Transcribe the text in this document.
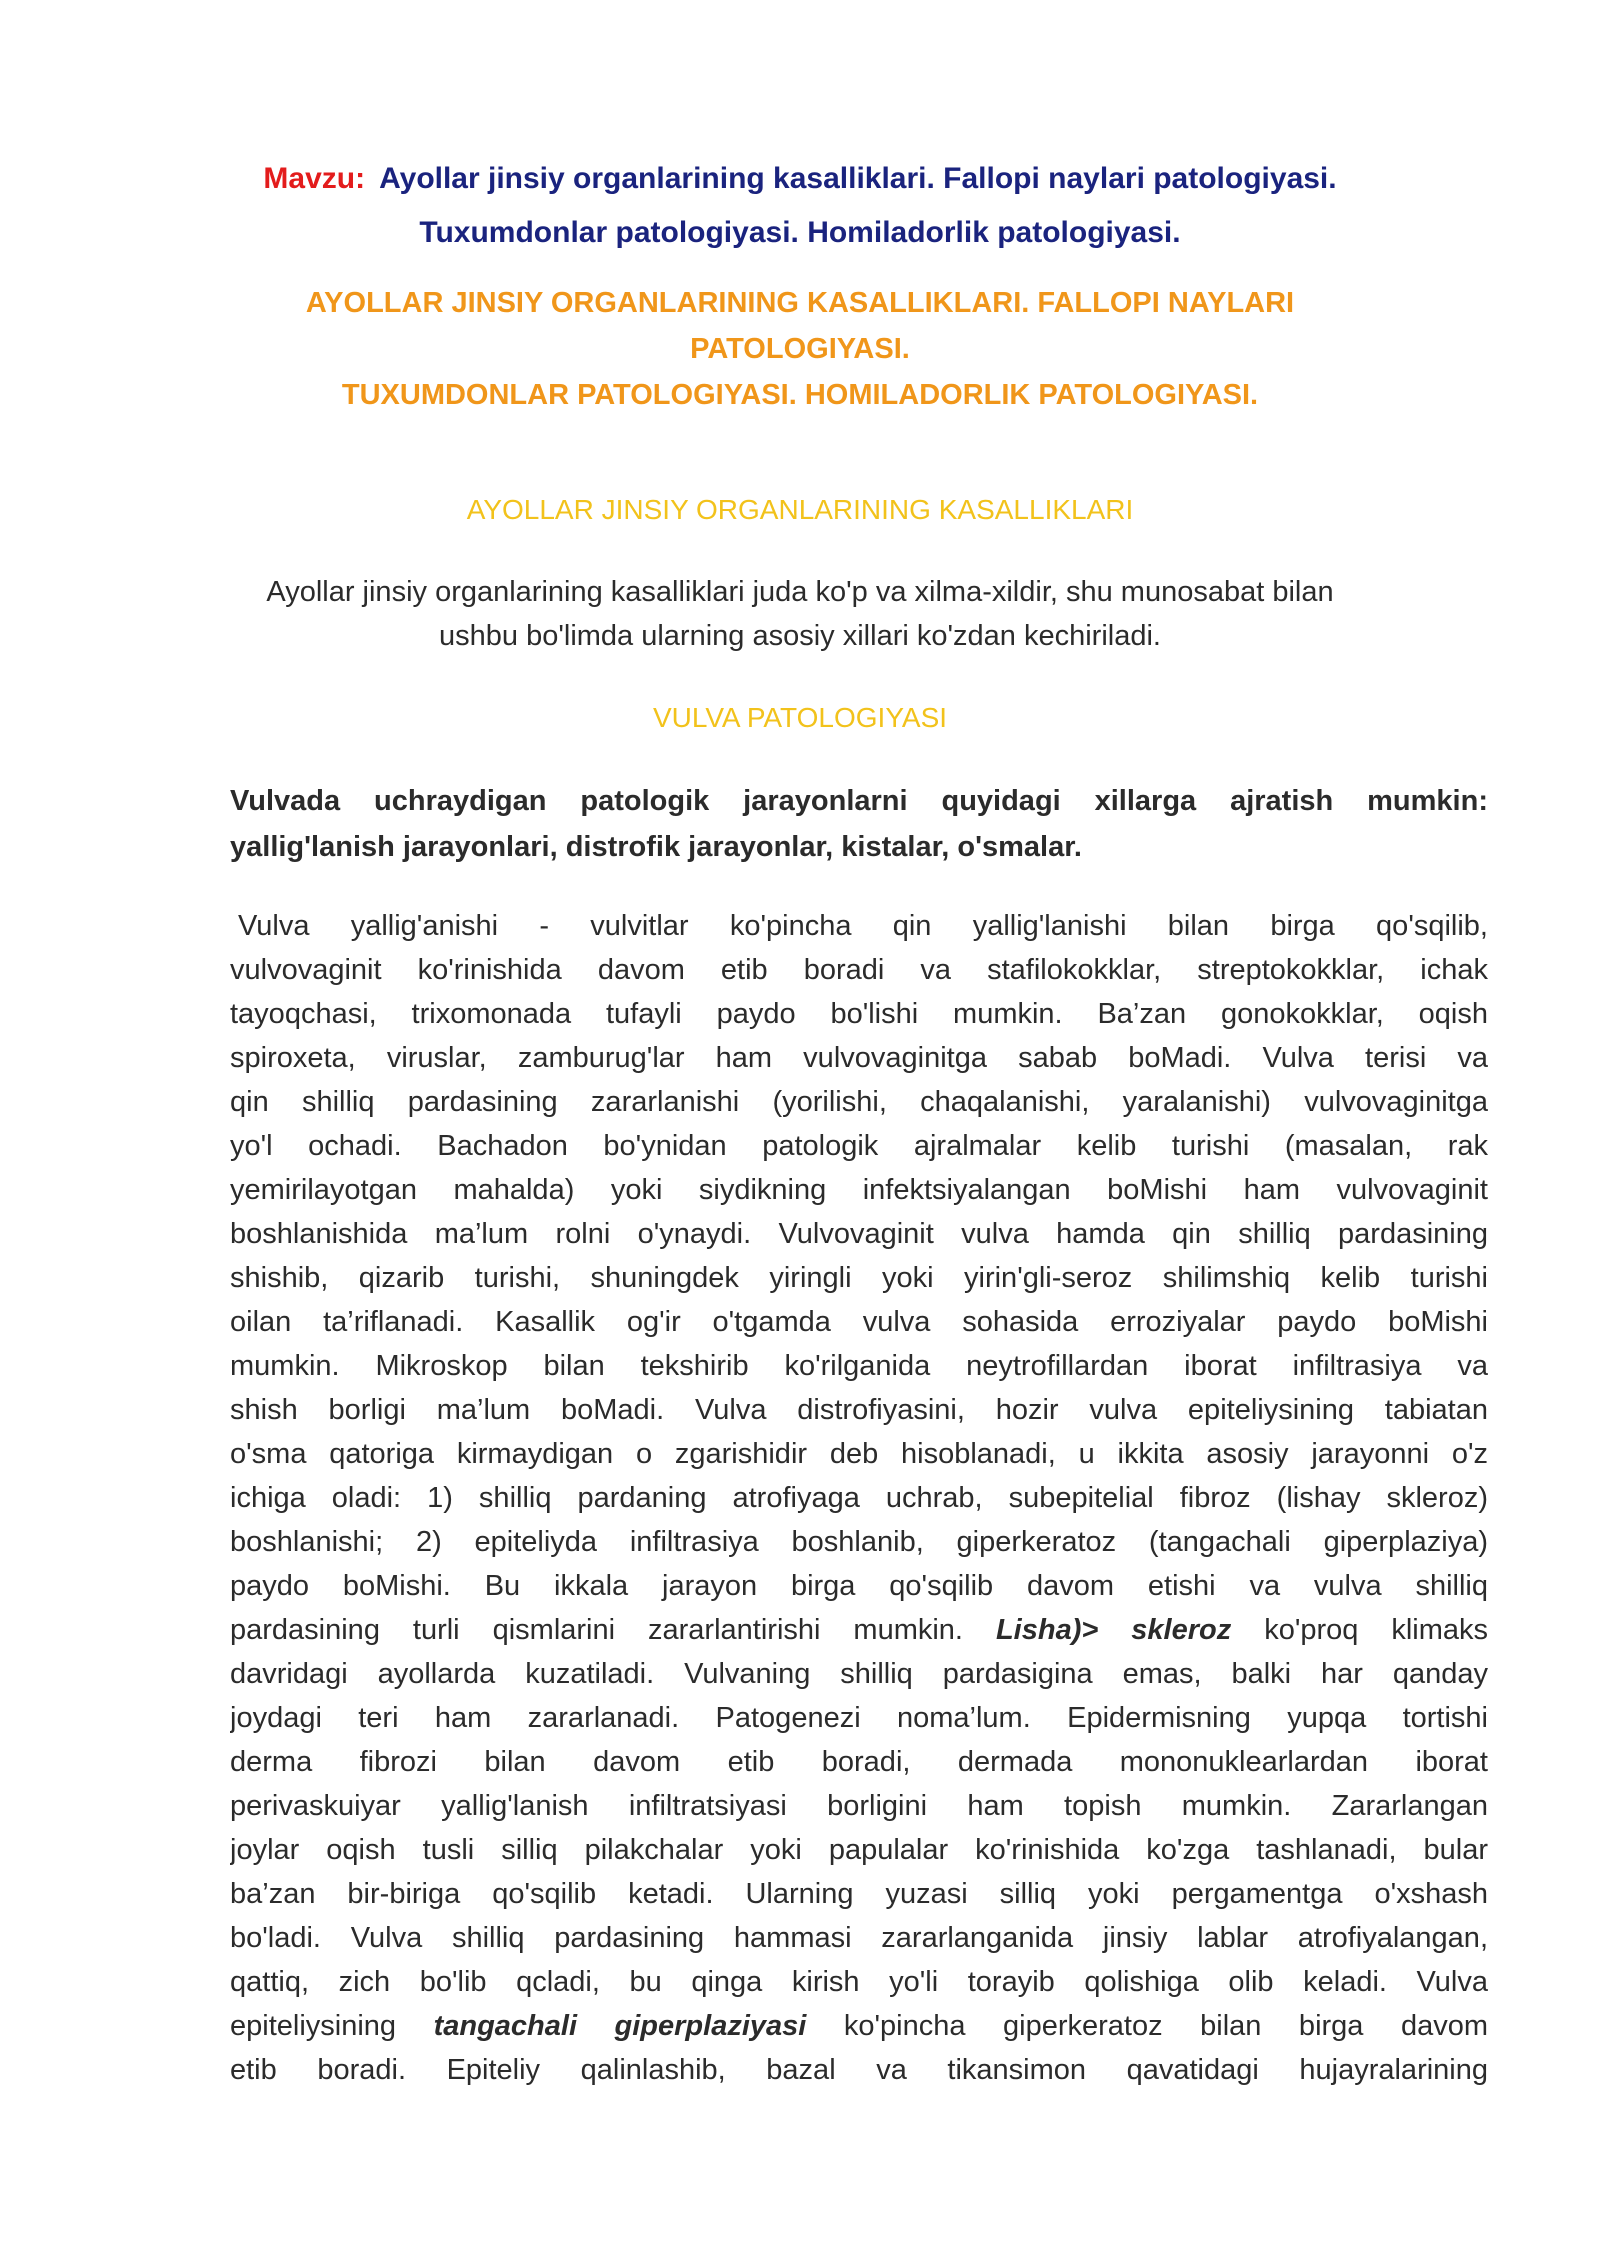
Mavzu: Ayollar jinsiy organlarining kasalliklari. Fallopi naylari patologiyasi.
Tuxumdonlar patologiyasi. Homiladorlik patologiyasi.
AYOLLAR JINSIY ORGANLARINING KASALLIKLARI. FALLOPI NAYLARI PATOLOGIYASI.
TUXUMDONLAR PATOLOGIYASI. HOMILADORLIK PATOLOGIYASI.
AYOLLAR JINSIY ORGANLARINING KASALLIKLARI
Ayollar jinsiy organlarining kasalliklari juda ko'p va xilma-xildir, shu munosabat bilan
ushbu bo'limda ularning asosiy xillari ko'zdan kechiriladi.
VULVA PATOLOGIYASI
Vulvada uchraydigan patologik jarayonlarni quyidagi xillarga ajratish mumkin:
yallig'lanish jarayonlari, distrofik jarayonlar, kistalar, o'smalar.
Vulva yallig'anishi - vulvitlar ko'pincha qin yallig'lanishi bilan birga qo'sqilib,
vulvovaginit ko'rinishida davom etib boradi va stafilokokklar, streptokokklar, ichak
tayoqchasi, trixomonada tufayli paydo bo'lishi mumkin. Ba’zan gonokokklar, oqish
spiroxeta, viruslar, zamburug'lar ham vulvovaginitga sabab boMadi. Vulva terisi va
qin shilliq pardasining zararlanishi (yorilishi, chaqalanishi, yaralanishi) vulvovaginitga
yo'l ochadi. Bachadon bo'ynidan patologik ajralmalar kelib turishi (masalan, rak
yemirilayotgan mahalda) yoki siydikning infektsiyalangan boMishi ham vulvovaginit
boshlanishida ma’lum rolni o'ynaydi. Vulvovaginit vulva hamda qin shilliq pardasining
shishib, qizarib turishi, shuningdek yiringli yoki yirin'gli-seroz shilimshiq kelib turishi
oilan ta’riflanadi. Kasallik og'ir o'tgamda vulva sohasida erroziyalar paydo boMishi
mumkin. Mikroskop bilan tekshirib ko'rilganida neytrofillardan iborat infiltrasiya va
shish borligi ma’lum boMadi. Vulva distrofiyasini, hozir vulva epiteliysining tabiatan
o'sma qatoriga kirmaydigan o zgarishidir deb hisoblanadi, u ikkita asosiy jarayonni o'z
ichiga oladi: 1) shilliq pardaning atrofiyaga uchrab, subepitelial fibroz (lishay skleroz)
boshlanishi; 2) epiteliyda infiltrasiya boshlanib, giperkeratoz (tangachali giperplaziya)
paydo boMishi. Bu ikkala jarayon birga qo'sqilib davom etishi va vulva shilliq
pardasining turli qismlarini zararlantirishi mumkin. Lisha)> skleroz ko'proq klimaks
davridagi ayollarda kuzatiladi. Vulvaning shilliq pardasigina emas, balki har qanday
joydagi teri ham zararlanadi. Patogenezi noma’lum. Epidermisning yupqa tortishi
derma fibrozi bilan davom etib boradi, dermada mononuklearlardan iborat
perivaskuiyar yallig'lanish infiltratsiyasi borligini ham topish mumkin. Zararlangan
joylar oqish tusli silliq pilakchalar yoki papulalar ko'rinishida ko'zga tashlanadi, bular
ba’zan bir-biriga qo'sqilib ketadi. Ularning yuzasi silliq yoki pergamentga o'xshash
bo'ladi. Vulva shilliq pardasining hammasi zararlanganida jinsiy lablar atrofiyalangan,
qattiq, zich bo'lib qcladi, bu qinga kirish yo'li torayib qolishiga olib keladi. Vulva
epiteliysining tangachali giperplaziyasi ko'pincha giperkeratoz bilan birga davom
etib boradi. Epiteliy qalinlashib, bazal va tikansimon qavatidagi hujayralarining
